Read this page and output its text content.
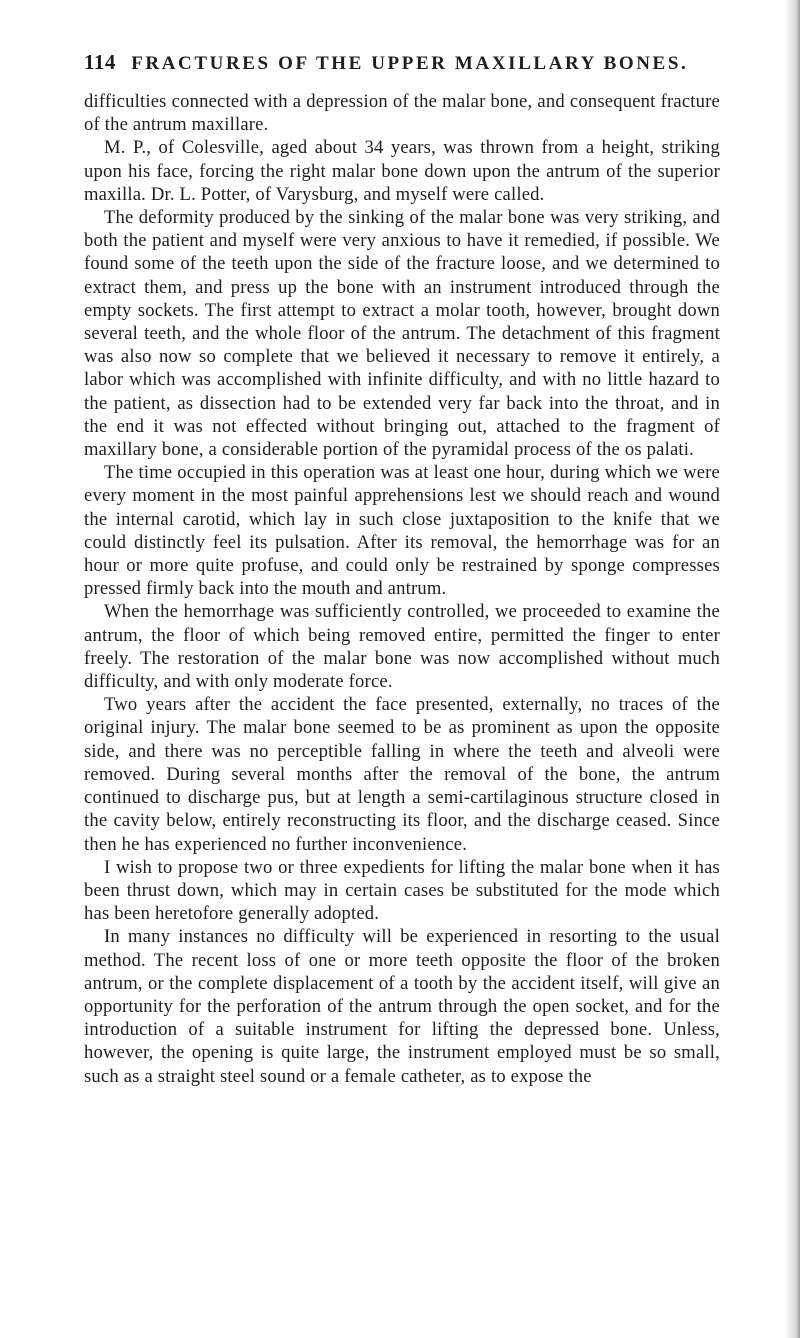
114 FRACTURES OF THE UPPER MAXILLARY BONES.

difficulties connected with a depression of the malar bone, and consequent fracture of the antrum maxillare.

M. P., of Colesville, aged about 34 years, was thrown from a height, striking upon his face, forcing the right malar bone down upon the antrum of the superior maxilla. Dr. L. Potter, of Varysburg, and myself were called.

The deformity produced by the sinking of the malar bone was very striking, and both the patient and myself were very anxious to have it remedied, if possible. We found some of the teeth upon the side of the fracture loose, and we determined to extract them, and press up the bone with an instrument introduced through the empty sockets. The first attempt to extract a molar tooth, however, brought down several teeth, and the whole floor of the antrum. The detachment of this fragment was also now so complete that we believed it necessary to remove it entirely, a labor which was accomplished with infinite difficulty, and with no little hazard to the patient, as dissection had to be extended very far back into the throat, and in the end it was not effected without bringing out, attached to the fragment of maxillary bone, a considerable portion of the pyramidal process of the os palati.

The time occupied in this operation was at least one hour, during which we were every moment in the most painful apprehensions lest we should reach and wound the internal carotid, which lay in such close juxtaposition to the knife that we could distinctly feel its pulsation. After its removal, the hemorrhage was for an hour or more quite profuse, and could only be restrained by sponge compresses pressed firmly back into the mouth and antrum.

When the hemorrhage was sufficiently controlled, we proceeded to examine the antrum, the floor of which being removed entire, permitted the finger to enter freely. The restoration of the malar bone was now accomplished without much difficulty, and with only moderate force.

Two years after the accident the face presented, externally, no traces of the original injury. The malar bone seemed to be as prominent as upon the opposite side, and there was no perceptible falling in where the teeth and alveoli were removed. During several months after the removal of the bone, the antrum continued to discharge pus, but at length a semi-cartilaginous structure closed in the cavity below, entirely reconstructing its floor, and the discharge ceased. Since then he has experienced no further inconvenience.

I wish to propose two or three expedients for lifting the malar bone when it has been thrust down, which may in certain cases be substituted for the mode which has been heretofore generally adopted.

In many instances no difficulty will be experienced in resorting to the usual method. The recent loss of one or more teeth opposite the floor of the broken antrum, or the complete displacement of a tooth by the accident itself, will give an opportunity for the perforation of the antrum through the open socket, and for the introduction of a suitable instrument for lifting the depressed bone. Unless, however, the opening is quite large, the instrument employed must be so small, such as a straight steel sound or a female catheter, as to expose the
